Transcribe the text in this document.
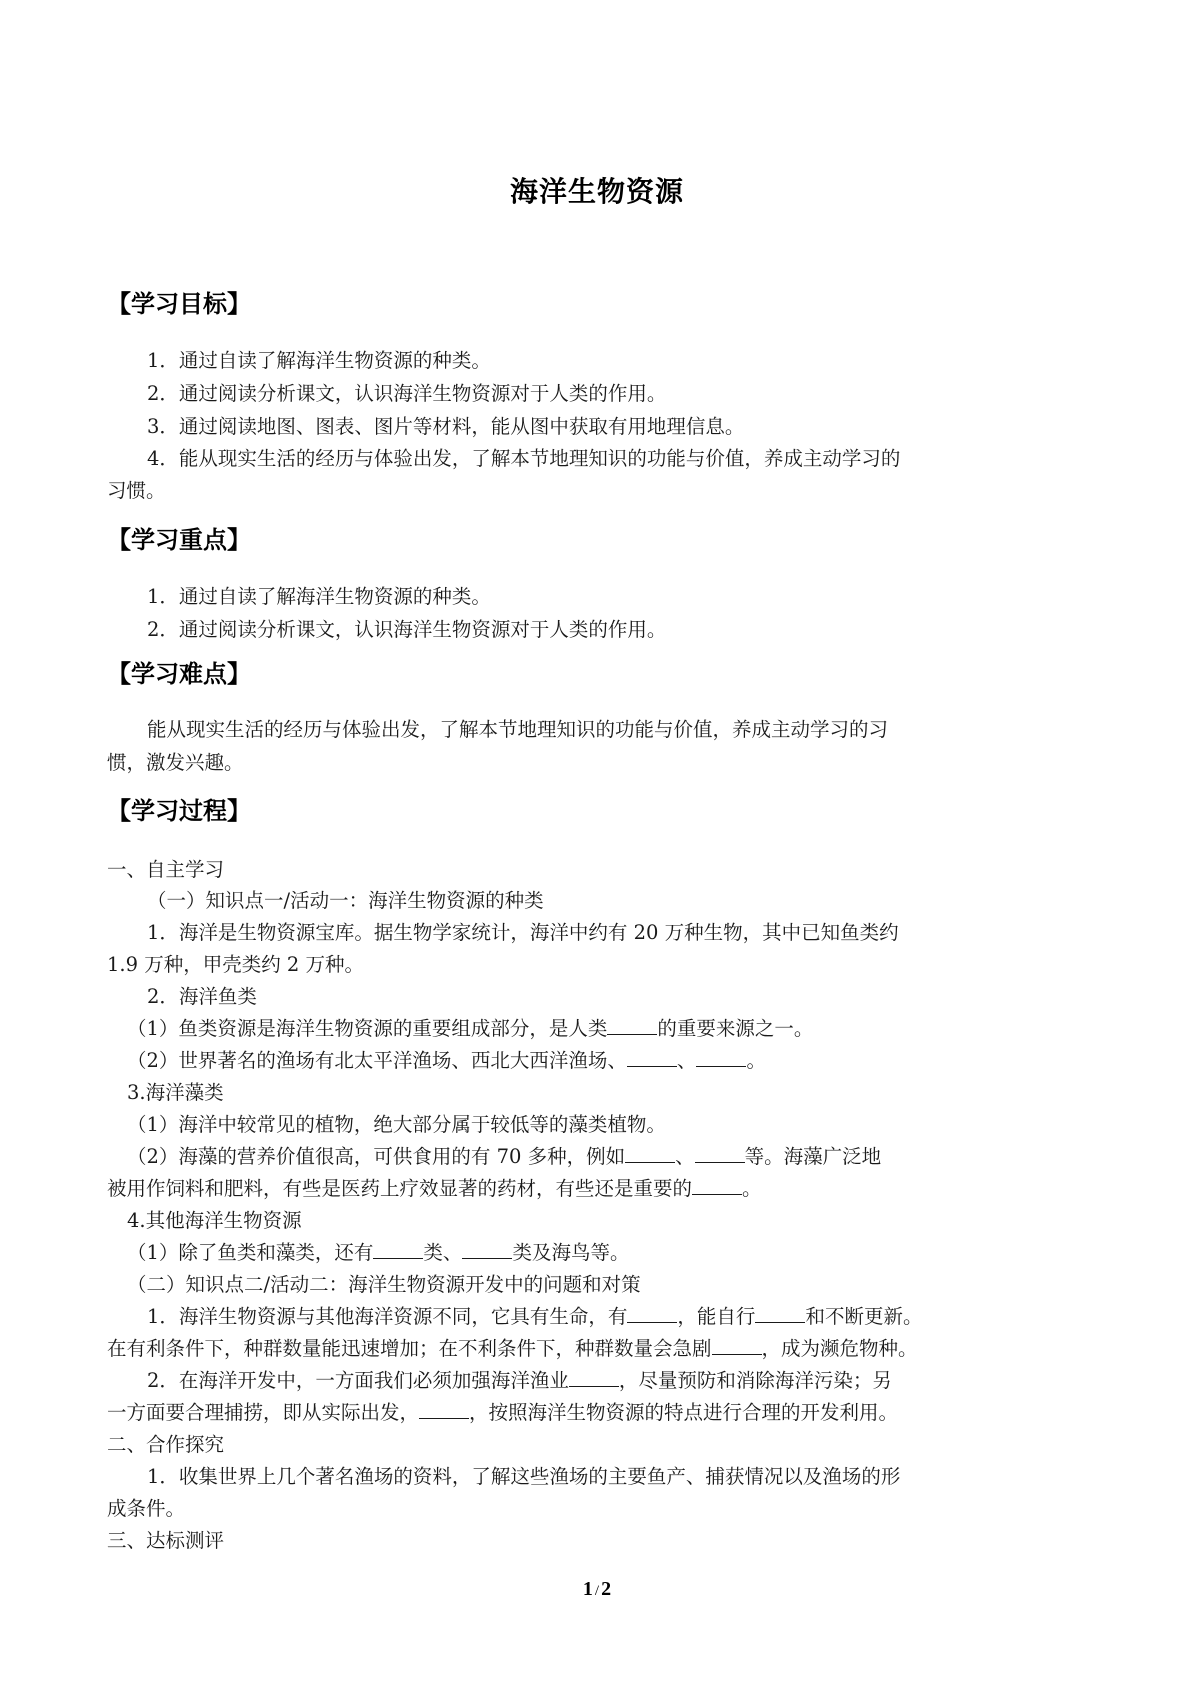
海洋生物资源
【学习目标】
1．通过自读了解海洋生物资源的种类。
2．通过阅读分析课文，认识海洋生物资源对于人类的作用。
3．通过阅读地图、图表、图片等材料，能从图中获取有用地理信息。
4．能从现实生活的经历与体验出发，了解本节地理知识的功能与价值，养成主动学习的
习惯。
【学习重点】
1．通过自读了解海洋生物资源的种类。
2．通过阅读分析课文，认识海洋生物资源对于人类的作用。
【学习难点】
能从现实生活的经历与体验出发，了解本节地理知识的功能与价值，养成主动学习的习
惯，激发兴趣。
【学习过程】
一、自主学习
（一）知识点一/活动一：海洋生物资源的种类
1．海洋是生物资源宝库。据生物学家统计，海洋中约有 20 万种生物，其中已知鱼类约
1.9 万种，甲壳类约 2 万种。
2．海洋鱼类
（1）鱼类资源是海洋生物资源的重要组成部分，是人类	的重要来源之一。
（2）世界著名的渔场有北太平洋渔场、西北大西洋渔场、	、	。
3.海洋藻类
（1）海洋中较常见的植物，绝大部分属于较低等的藻类植物。
（2）海藻的营养价值很高，可供食用的有 70 多种，例如	、	等。海藻广泛地
被用作饲料和肥料，有些是医药上疗效显著的药材，有些还是重要的	。
4.其他海洋生物资源
（1）除了鱼类和藻类，还有	类、	类及海鸟等。
（二）知识点二/活动二：海洋生物资源开发中的问题和对策
1．海洋生物资源与其他海洋资源不同，它具有生命，有	，能自行	和不断更新。
在有利条件下，种群数量能迅速增加；在不利条件下，种群数量会急剧	，成为濒危物种。
2．在海洋开发中，一方面我们必须加强海洋渔业	，尽量预防和消除海洋污染；另
一方面要合理捕捞，即从实际出发，	，按照海洋生物资源的特点进行合理的开发利用。
二、合作探究
1．收集世界上几个著名渔场的资料，了解这些渔场的主要鱼产、捕获情况以及渔场的形
成条件。
三、达标测评
1 / 2
